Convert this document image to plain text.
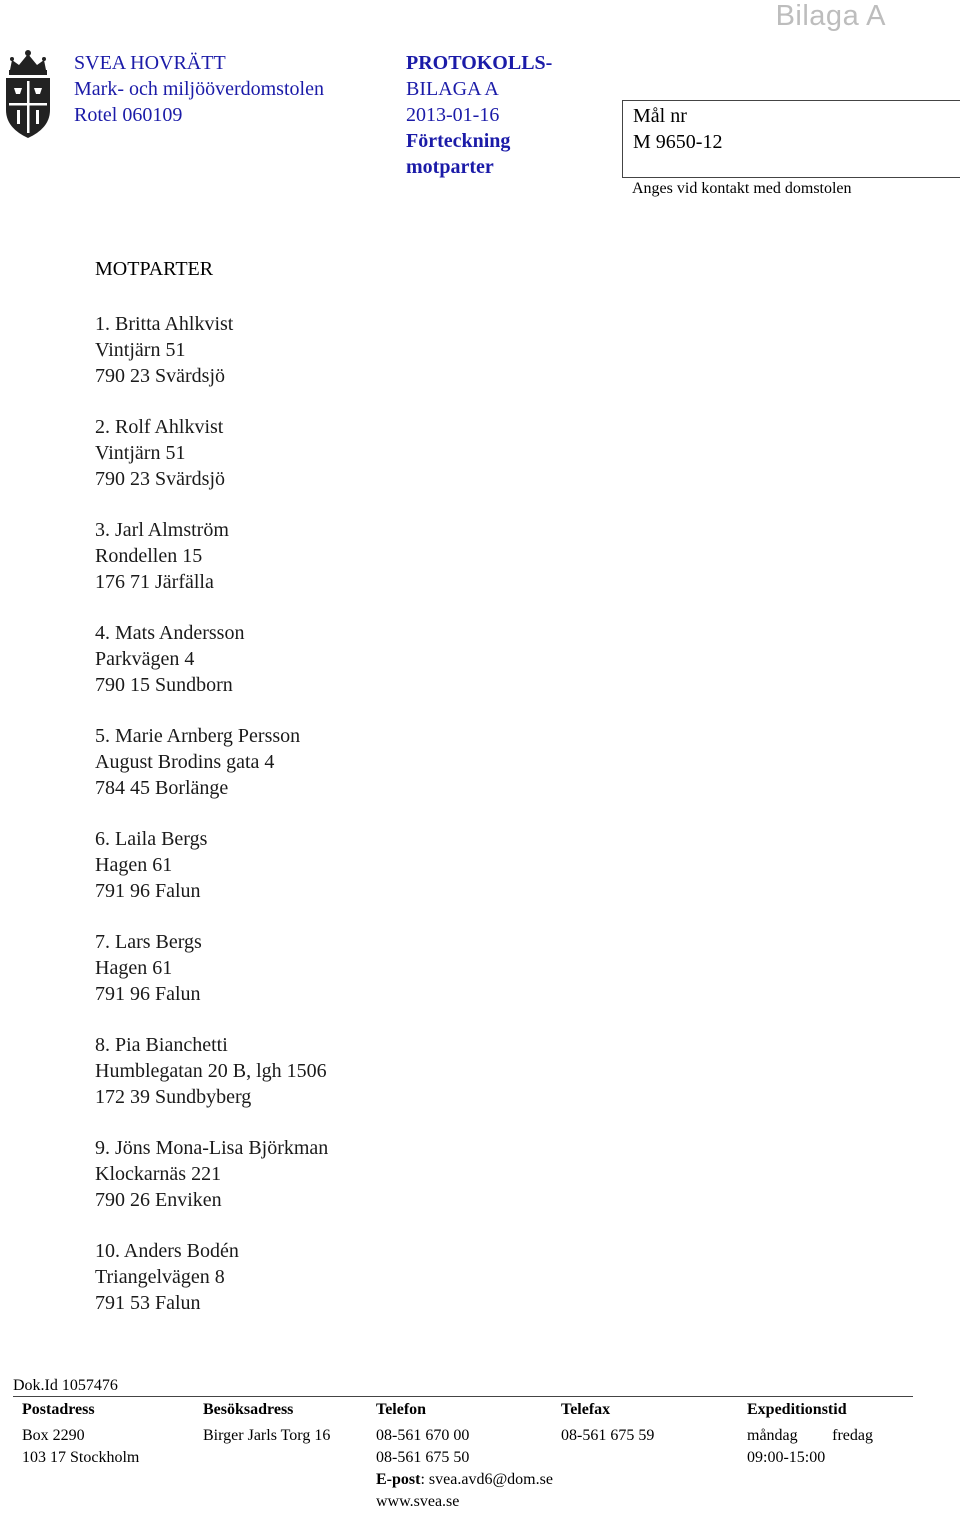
Bilaga A
SVEA HOVRÄTT
Mark- och miljööverdomstolen
Rotel 060109
PROTOKOLLS-
BILAGA A
2013-01-16
Förteckning
motparter
Mål nr
M 9650-12
Anges vid kontakt med domstolen
MOTPARTER
1. Britta Ahlkvist
Vintjärn 51
790 23 Svärdsjö
2. Rolf Ahlkvist
Vintjärn 51
790 23 Svärdsjö
3. Jarl Almström
Rondellen 15
176 71 Järfälla
4. Mats Andersson
Parkvägen 4
790 15 Sundborn
5. Marie Arnberg Persson
August Brodins gata 4
784 45 Borlänge
6. Laila Bergs
Hagen 61
791 96 Falun
7. Lars Bergs
Hagen 61
791 96 Falun
8. Pia Bianchetti
Humblegatan 20 B, lgh 1506
172 39 Sundbyberg
9. Jöns Mona-Lisa Björkman
Klockarnäs 221
790 26 Enviken
10. Anders Bodén
Triangelvägen 8
791 53 Falun
Dok.Id 1057476
Postadress
Box 2290
103 17 Stockholm
Besöksadress
Birger Jarls Torg 16
Telefon
08-561 670 00
08-561 675 50
E-post: svea.avd6@dom.se
www.svea.se
Telefax
08-561 675 59
Expeditionstid
måndag fredag
09:00-15:00
